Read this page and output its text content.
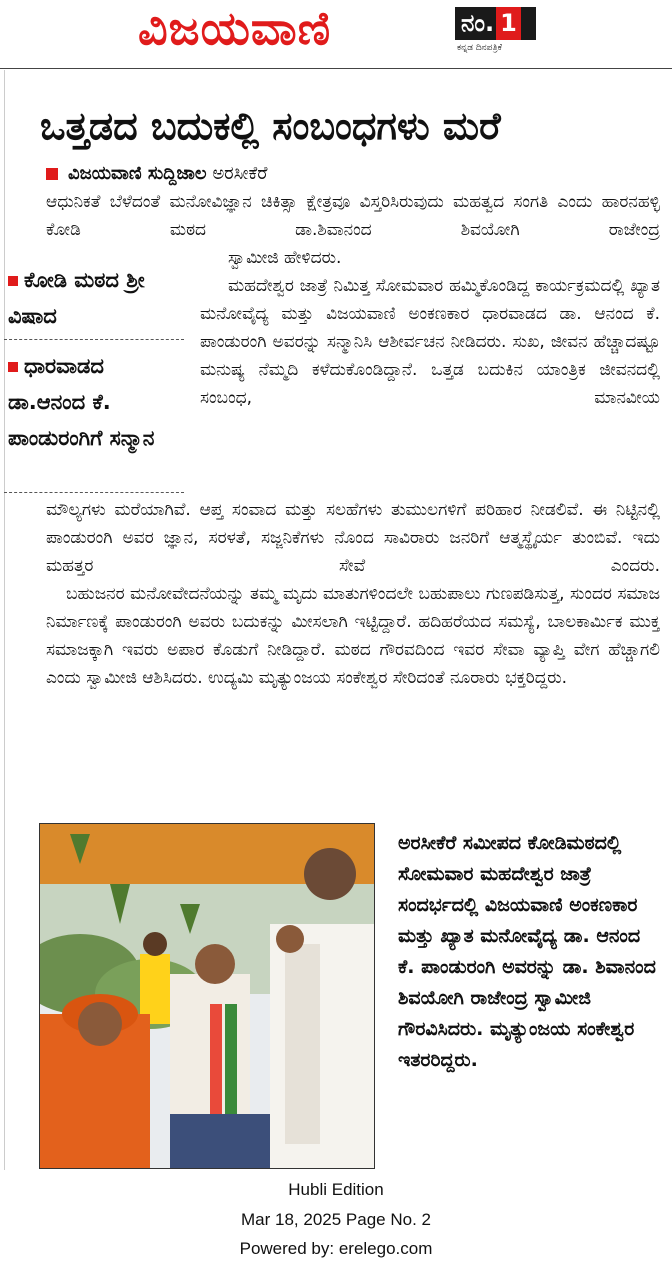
ವಿಜಯವಾಣಿ	ನಂ. 1
ಕನ್ನಡ ದಿನಪತ್ರಿಕೆ
ಒತ್ತಡದ ಬದುಕಲ್ಲಿ ಸಂಬಂಧಗಳು ಮರೆ
ವಿಜಯವಾಣಿ ಸುದ್ದಿಜಾಲ ಅರಸೀಕೆರೆ

ಆಧುನಿಕತೆ ಬೆಳೆದಂತೆ ಮನೋವಿಜ್ಞಾನ ಚಿಕಿತ್ಸಾ ಕ್ಷೇತ್ರವೂ ವಿಸ್ತರಿಸಿರುವುದು ಮಹತ್ವದ ಸಂಗತಿ ಎಂದು ಹಾರನಹಳ್ಳಿ ಕೋಡಿ ಮಠದ ಡಾ.ಶಿವಾನಂದ ಶಿವಯೋಗಿ ರಾಜೇಂದ್ರ

ಸ್ವಾಮೀಜಿ ಹೇಳಿದರು.

ಮಹದೇಶ್ವರ ಜಾತ್ರೆ ನಿಮಿತ್ತ ಸೋಮವಾರ ಹಮ್ಮಿಕೊಂಡಿದ್ದ ಕಾರ್ಯಕ್ರಮದಲ್ಲಿ ಖ್ಯಾತ ಮನೋವೈದ್ಯ ಮತ್ತು ವಿಜಯವಾಣಿ ಅಂಕಣಕಾರ ಧಾರವಾಡದ ಡಾ. ಆನಂದ ಕೆ. ಪಾಂಡುರಂಗಿ ಅವರನ್ನು ಸನ್ಮಾನಿಸಿ ಆಶೀರ್ವಚನ ನೀಡಿದರು. ಸುಖ, ಜೀವನ ಹೆಚ್ಚಾದಷ್ಟೂ ಮನುಷ್ಯ ನೆಮ್ಮದಿ ಕಳೆದುಕೊಂಡಿದ್ದಾನೆ. ಒತ್ತಡ ಬದುಕಿನ ಯಾಂತ್ರಿಕ ಜೀವನದಲ್ಲಿ ಸಂಬಂಧ, ಮಾನವೀಯ

ಮೌಲ್ಯಗಳು ಮರೆಯಾಗಿವೆ. ಆಪ್ತ ಸಂವಾದ ಮತ್ತು ಸಲಹೆಗಳು ತುಮುಲಗಳಿಗೆ ಪರಿಹಾರ ನೀಡಲಿವೆ. ಈ ನಿಟ್ಟಿನಲ್ಲಿ ಪಾಂಡುರಂಗಿ ಅವರ ಜ್ಞಾನ, ಸರಳತೆ, ಸಜ್ಜನಿಕೆಗಳು ನೊಂದ ಸಾವಿರಾರು ಜನರಿಗೆ ಆತ್ಮಸ್ಥೈರ್ಯ ತುಂಬಿವೆ. ಇದು ಮಹತ್ತರ ಸೇವೆ ಎಂದರು.

ಬಹುಜನರ ಮನೋವೇದನೆಯನ್ನು ತಮ್ಮ ಮೃದು ಮಾತುಗಳಿಂದಲೇ ಬಹುಪಾಲು ಗುಣಪಡಿಸುತ್ತ, ಸುಂದರ ಸಮಾಜ ನಿರ್ಮಾಣಕ್ಕೆ ಪಾಂಡುರಂಗಿ ಅವರು ಬದುಕನ್ನು ಮೀಸಲಾಗಿ ಇಟ್ಟಿದ್ದಾರೆ. ಹದಿಹರೆಯದ ಸಮಸ್ಯೆ, ಬಾಲಕಾರ್ಮಿಕ ಮುಕ್ತ ಸಮಾಜಕ್ಕಾಗಿ ಇವರು ಅಪಾರ ಕೊಡುಗೆ ನೀಡಿದ್ದಾರೆ. ಮಠದ ಗೌರವದಿಂದ ಇವರ ಸೇವಾ ವ್ಯಾಪ್ತಿ ವೇಗ ಹೆಚ್ಚಾಗಲಿ ಎಂದು ಸ್ವಾಮೀಜಿ ಆಶಿಸಿದರು. ಉದ್ಯಮಿ ಮೃತ್ಯುಂಜಯ ಸಂಕೇಶ್ವರ ಸೇರಿದಂತೆ ನೂರಾರು ಭಕ್ತರಿದ್ದರು.

ಕೋಡಿ ಮಠದ ಶ್ರೀ ವಿಷಾದ
ಧಾರವಾಡದ ಡಾ.ಆನಂದ ಕೆ. ಪಾಂಡುರಂಗಿಗೆ ಸನ್ಮಾನ

ಅರಸೀಕೆರೆ ಸಮೀಪದ ಕೋಡಿಮಠದಲ್ಲಿ ಸೋಮವಾರ ಮಹದೇಶ್ವರ ಜಾತ್ರೆ ಸಂದರ್ಭದಲ್ಲಿ ವಿಜಯವಾಣಿ ಅಂಕಣಕಾರ ಮತ್ತು ಖ್ಯಾತ ಮನೋವೈದ್ಯ ಡಾ. ಆನಂದ ಕೆ. ಪಾಂಡುರಂಗಿ ಅವರನ್ನು ಡಾ. ಶಿವಾನಂದ ಶಿವಯೋಗಿ ರಾಜೇಂದ್ರ ಸ್ವಾಮೀಜಿ ಗೌರವಿಸಿದರು. ಮೃತ್ಯುಂಜಯ ಸಂಕೇಶ್ವರ ಇತರರಿದ್ದರು.

Hubli Edition
Mar 18, 2025 Page No. 2
Powered by: erelego.com
